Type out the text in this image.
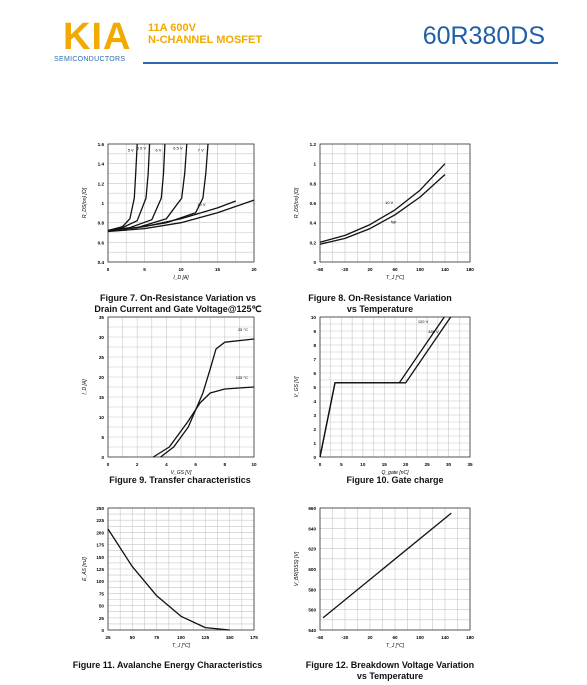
KIA
SEMICONDUCTORS
11A 600V
N-CHANNEL MOSFET	60R380DS
0	5	10	15	20
0.4
0.6
0.8
1
1.2
1.4
1.6
I_D [A]
R_DS(on) [Ω]
5 V 5.5 V 6 V	6.5 V	7 V
10 V
-60	-20	20	60	100	140	180
0
0.2
0.4
0.6
0.8
1
1.2
T_J [°C]
R_DS(on) [Ω]	10 V
typ
0	2	4	6	8	10
0
5
10
15
20
25
30
35
V_GS [V]
I_D [A]
25 °C
125 °C
0	5	10	15	20	25	30	35
0
1
2
3
4
5
6
7
8
9
10
Q_gate [nC]
V_GS [V]
120 V
480 V
25	50	75	100	125	150	175
0
25
50
75
100
125
150
175
200
225
250
T_J [°C]
E_AS [mJ]
-60	-20	20	60	100	140	180
540
560
580
600
620
640
660
T_J [°C]
V_BR(DSS) [V]
Figure 7. On-Resistance Variation vs
Drain Current and Gate Voltage@125℃
Figure 8. On-Resistance Variation
vs Temperature
Figure 9. Transfer characteristics	Figure 10. Gate charge
Figure 11. Avalanche Energy Characteristics	Figure 12. Breakdown Voltage Variation
vs Temperature
